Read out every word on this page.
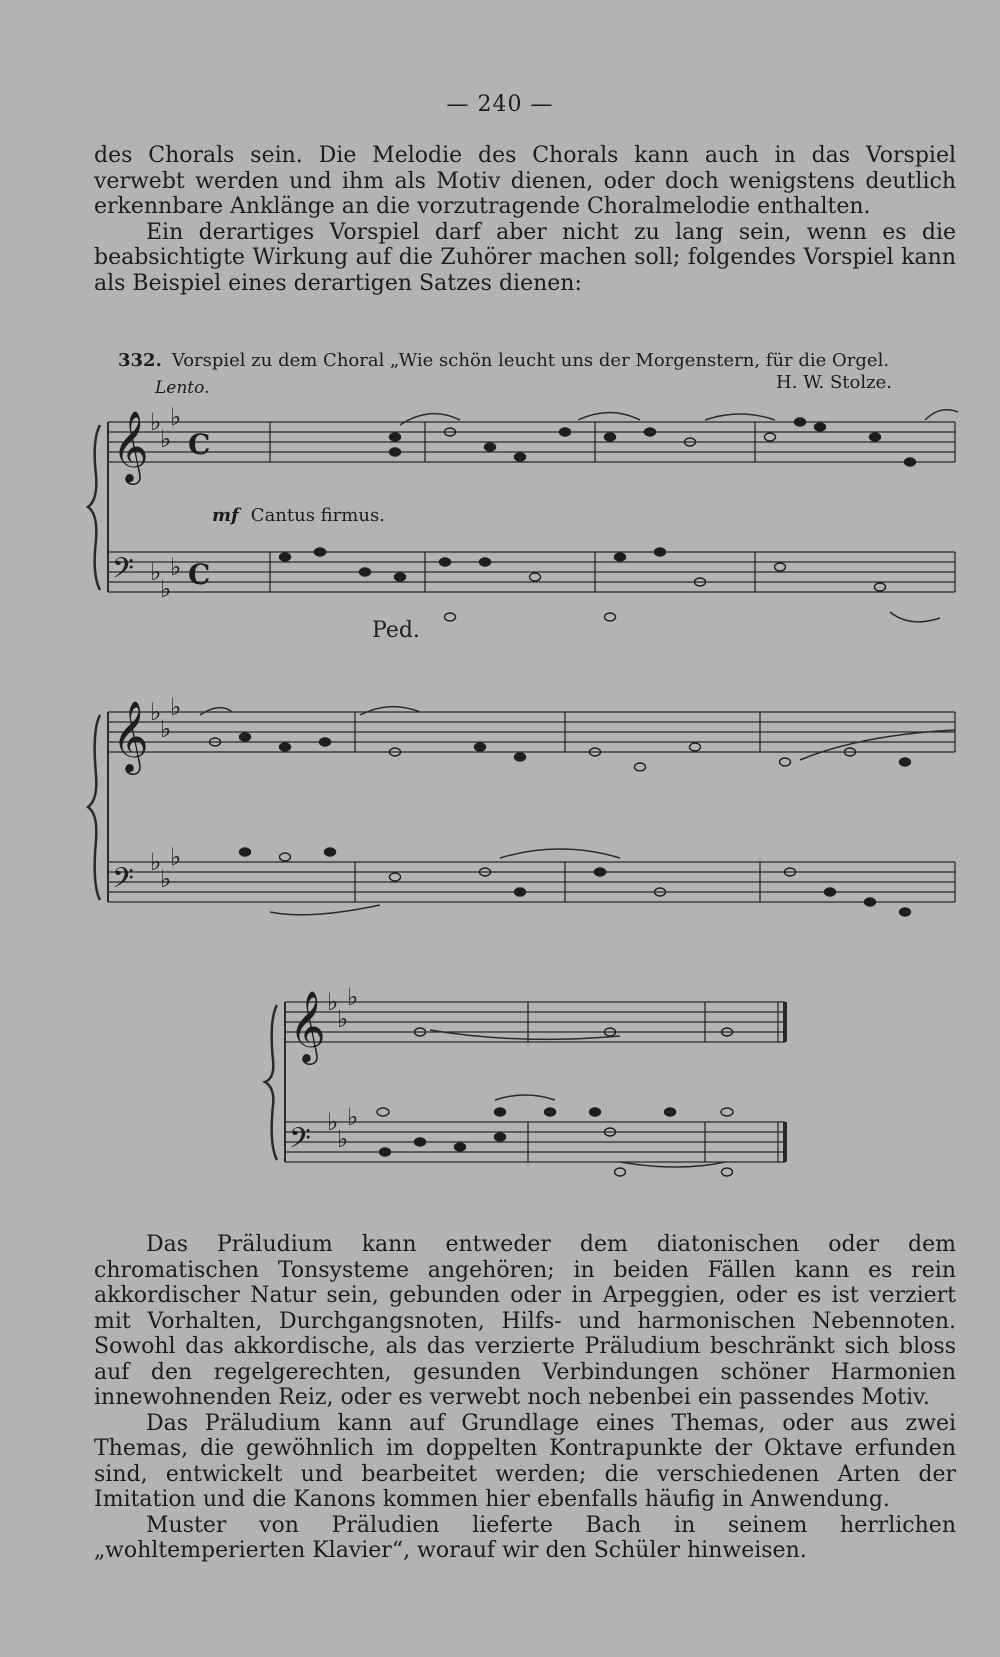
— 240 —

des Chorals sein. Die Melodie des Chorals kann auch in das Vorspiel verwebt werden und ihm als Motiv dienen, oder doch wenigstens deutlich erkennbare Anklänge an die vorzutragende Choralmelodie enthalten.

Ein derartiges Vorspiel darf aber nicht zu lang sein, wenn es die beabsichtigte Wirkung auf die Zuhörer machen soll; folgendes Vorspiel kann als Beispiel eines derartigen Satzes dienen:

332. Vorspiel zu dem Choral „Wie schön leucht uns der Morgenstern, für die Orgel.
Lento.	H. W. Stolze.
mf Cantus firmus.
𝄞
𝄞
𝄞
𝄢
𝄢
𝄢
♭
♭
♭
♭
♭
♭
♭
♭
♭
♭
♭
♭
♭
♭
♭
♭
♭
♭
C
C
Ped.

Das Präludium kann entweder dem diatonischen oder dem chromatischen Tonsysteme angehören; in beiden Fällen kann es rein akkordischer Natur sein, gebunden oder in Arpeggien, oder es ist verziert mit Vorhalten, Durchgangsnoten, Hilfs- und harmonischen Nebennoten. Sowohl das akkordische, als das verzierte Präludium beschränkt sich bloss auf den regelgerechten, gesunden Verbindungen schöner Harmonien innewohnenden Reiz, oder es verwebt noch nebenbei ein passendes Motiv.

Das Präludium kann auf Grundlage eines Themas, oder aus zwei Themas, die gewöhnlich im doppelten Kontrapunkte der Oktave erfunden sind, entwickelt und bearbeitet werden; die verschiedenen Arten der Imitation und die Kanons kommen hier ebenfalls häufig in Anwendung.

Muster von Präludien lieferte Bach in seinem herrlichen „wohltemperierten Klavier“, worauf wir den Schüler hinweisen.
